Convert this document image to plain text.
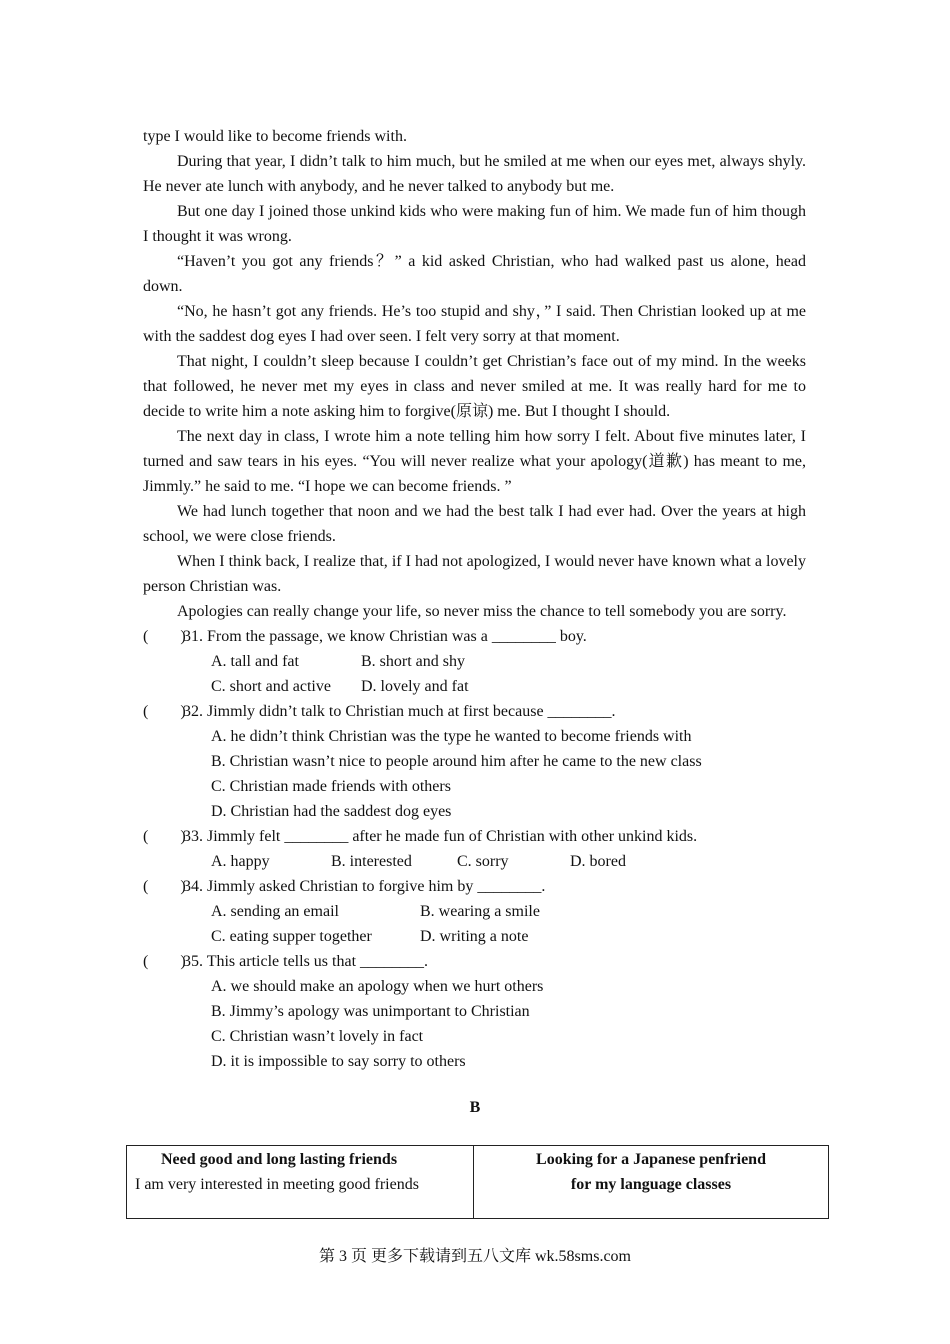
type I would like to become friends with.

During that year, I didn’t talk to him much, but he smiled at me when our eyes met, always shyly. He never ate lunch with anybody, and he never talked to anybody but me.

But one day I joined those unkind kids who were making fun of him. We made fun of him though I thought it was wrong.

“Haven’t you got any friends？” a kid asked Christian, who had walked past us alone, head down.

“No, he hasn’t got any friends. He’s too stupid and shy，” I said. Then Christian looked up at me with the saddest dog eyes I had over seen. I felt very sorry at that moment.

That night, I couldn’t sleep because I couldn’t get Christian’s face out of my mind. In the weeks that followed, he never met my eyes in class and never smiled at me. It was really hard for me to decide to write him a note asking him to forgive(原谅) me. But I thought I should.

The next day in class, I wrote him a note telling him how sorry I felt. About five minutes later, I turned and saw tears in his eyes. “You will never realize what your apology(道歉) has meant to me, Jimmly.” he said to me. “I hope we can become friends. ”

We had lunch together that noon and we had the best talk I had ever had. Over the years at high school, we were close friends.

When I think back, I realize that, if I had not apologized, I would never have known what a lovely person Christian was.

Apologies can really change your life, so never miss the chance to tell somebody you are sorry.

(　　)31. From the passage, we know Christian was a ________ boy.
A. tall and fat	B. short and shy
C. short and active D. lovely and fat
(　　)32. Jimmly didn’t talk to Christian much at first because ________.
A. he didn’t think Christian was the type he wanted to become friends with
B. Christian wasn’t nice to people around him after he came to the new class
C. Christian made friends with others
D. Christian had the saddest dog eyes
(　　)33. Jimmly felt ________ after he made fun of Christian with other unkind kids.
A. happy	B. interested	C. sorry	D. bored
(　　)34. Jimmly asked Christian to forgive him by ________.
A. sending an email	B. wearing a smile
C. eating supper together	D. writing a note
(　　)35. This article tells us that ________.
A. we should make an apology when we hurt others
B. Jimmy’s apology was unimportant to Christian
C. Christian wasn’t lovely in fact
D. it is impossible to say sorry to others
B
Need good and long lasting friends
I am very interested in meeting good friends
Looking for a Japanese penfriend
for my language classes
第 3 页 更多下载请到五八文库 wk.58sms.com
